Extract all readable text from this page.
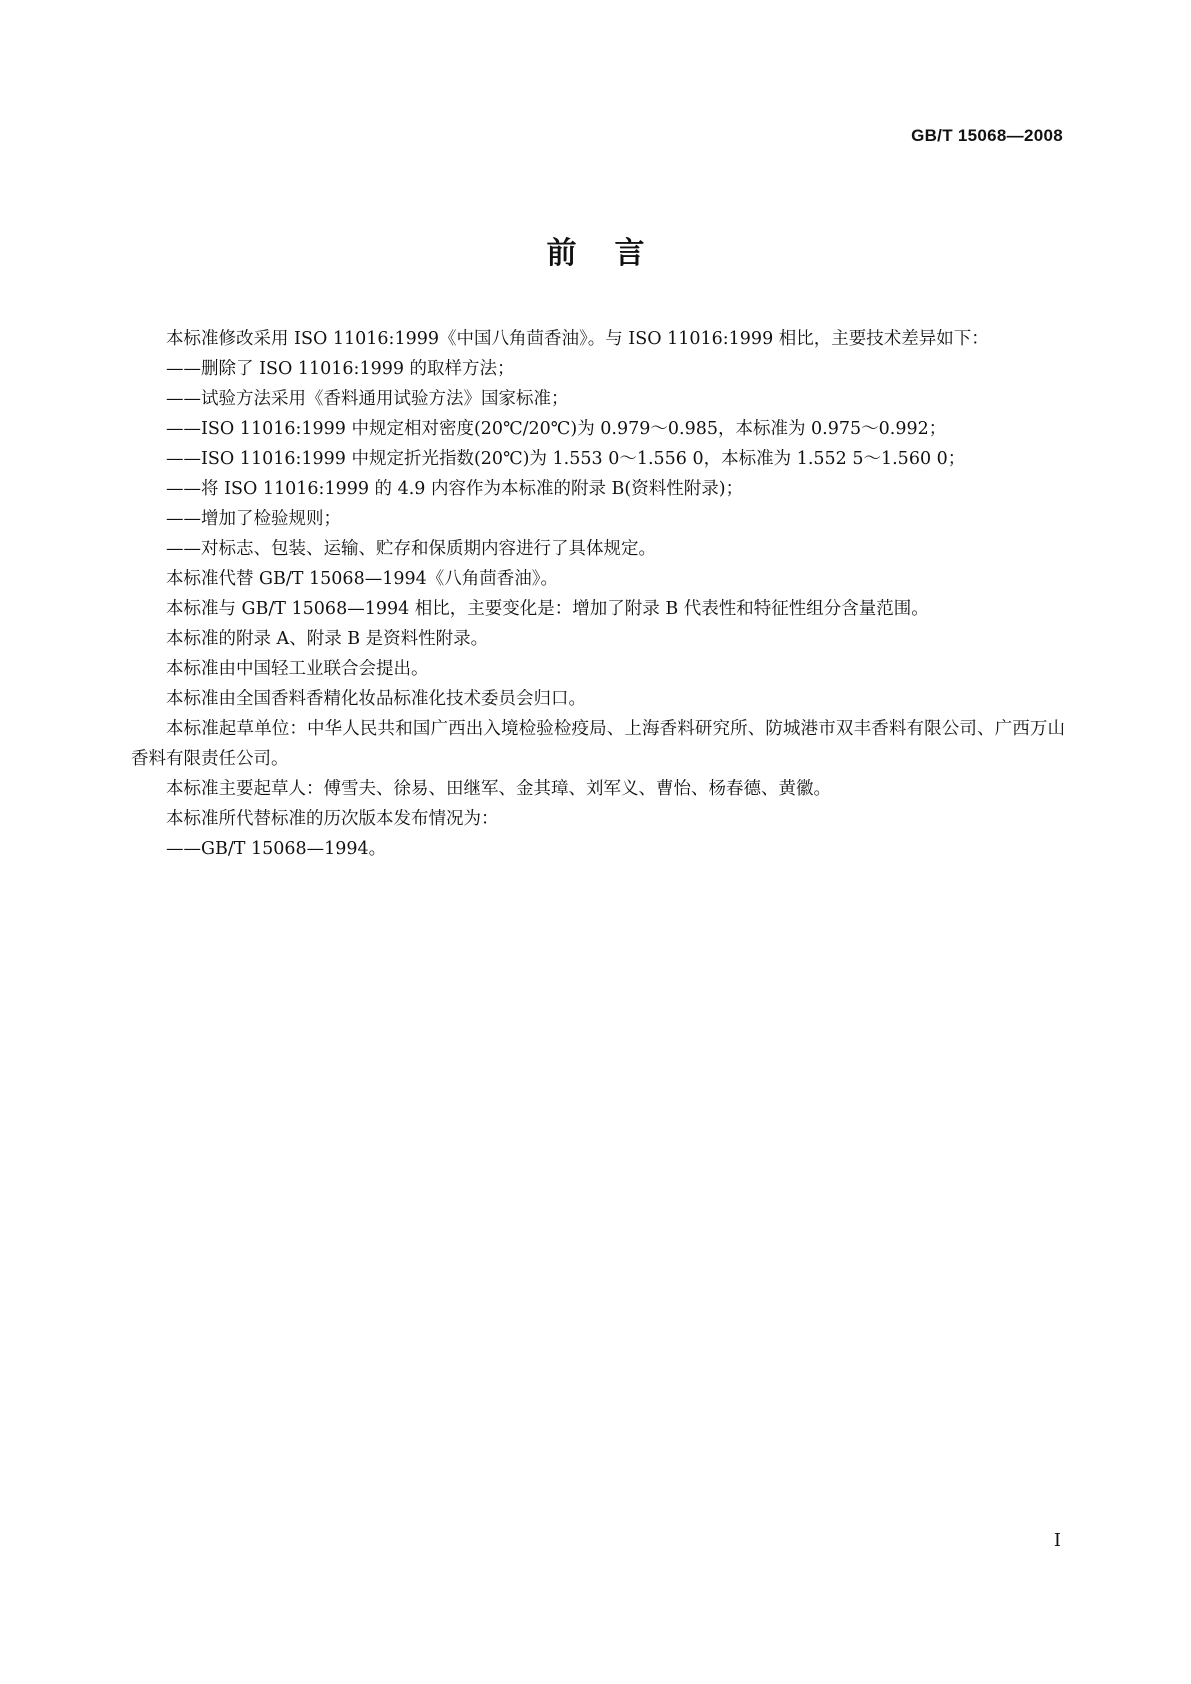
GB/T 15068—2008
前言

本标准修改采用 ISO 11016:1999《中国八角茴香油》。与 ISO 11016:1999 相比，主要技术差异如下：

——删除了 ISO 11016:1999 的取样方法；

——试验方法采用《香料通用试验方法》国家标准；

——ISO 11016:1999 中规定相对密度(20℃/20℃)为 0.979～0.985，本标准为 0.975～0.992；

——ISO 11016:1999 中规定折光指数(20℃)为 1.553 0～1.556 0，本标准为 1.552 5～1.560 0；

——将 ISO 11016:1999 的 4.9 内容作为本标准的附录 B(资料性附录)；

——增加了检验规则；

——对标志、包装、运输、贮存和保质期内容进行了具体规定。

本标准代替 GB/T 15068—1994《八角茴香油》。

本标准与 GB/T 15068—1994 相比，主要变化是：增加了附录 B 代表性和特征性组分含量范围。

本标准的附录 A、附录 B 是资料性附录。

本标准由中国轻工业联合会提出。

本标准由全国香料香精化妆品标准化技术委员会归口。

本标准起草单位：中华人民共和国广西出入境检验检疫局、上海香料研究所、防城港市双丰香料有限公司、广西万山香料有限责任公司。

本标准主要起草人：傅雪夫、徐易、田继军、金其璋、刘军义、曹怡、杨春德、黄徽。

本标准所代替标准的历次版本发布情况为：

——GB/T 15068—1994。

I
